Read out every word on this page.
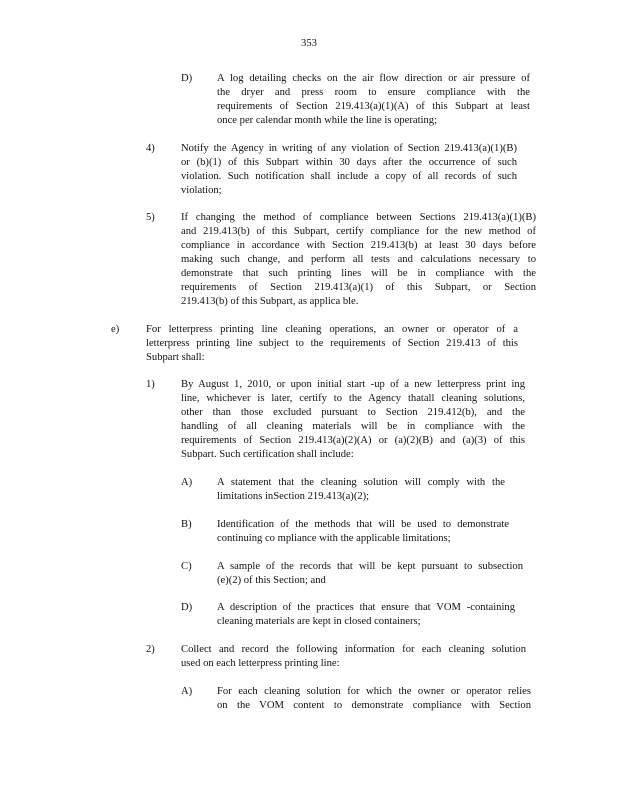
353
D) A log detailing checks on the air flow direction or air pressure of
the dryer and press room to ensure compliance with the
requirements of Section 219.413(a)(1)(A) of this Subpart at least
once per calendar month while the line is operating;
4) Notify the Agency in writing of any violation of Section 219.413(a)(1)(B)
or (b)(1) of this Subpart within 30 days after the occurrence of such
violation. Such notification shall include a copy of all records of such
violation;
5) If changing the method of compliance between Sections 219.413(a)(1)(B)
and 219.413(b) of this Subpart, certify compliance for the new method of
compliance in accordance with Section 219.413(b) at least 30 days before
making such change, and perform all tests and calculations necessary to
demonstrate that such printing lines will be in compliance with the
requirements of Section 219.413(a)(1) of this Subpart, or Section
219.413(b) of this Subpart, as applica ble.
e)	For letterpress printing line cleaning operations, an owner or operator of a
letterpress printing line subject to the requirements of Section 219.413 of this
Subpart shall:
1) By August 1, 2010, or upon initial start -up of a new letterpress print ing
line, whichever is later, certify to the Agency thatall cleaning solutions,
other than those excluded pursuant to Section 219.412(b), and the
handling of all cleaning materials will be in compliance with the
requirements of Section 219.413(a)(2)(A) or (a)(2)(B) and (a)(3) of this
Subpart. Such certification shall include:
A) A statement that the cleaning solution will comply with the
limitations inSection 219.413(a)(2);
B) Identification of the methods that will be used to demonstrate
continuing co mpliance with the applicable limitations;
C) A sample of the records that will be kept pursuant to subsection
(e)(2) of this Section; and
D) A description of the practices that ensure that VOM -containing
cleaning materials are kept in closed containers;
2) Collect and record the following information for each cleaning solution
used on each letterpress printing line:
A) For each cleaning solution for which the owner or operator relies
on the VOM content to demonstrate compliance with Section
